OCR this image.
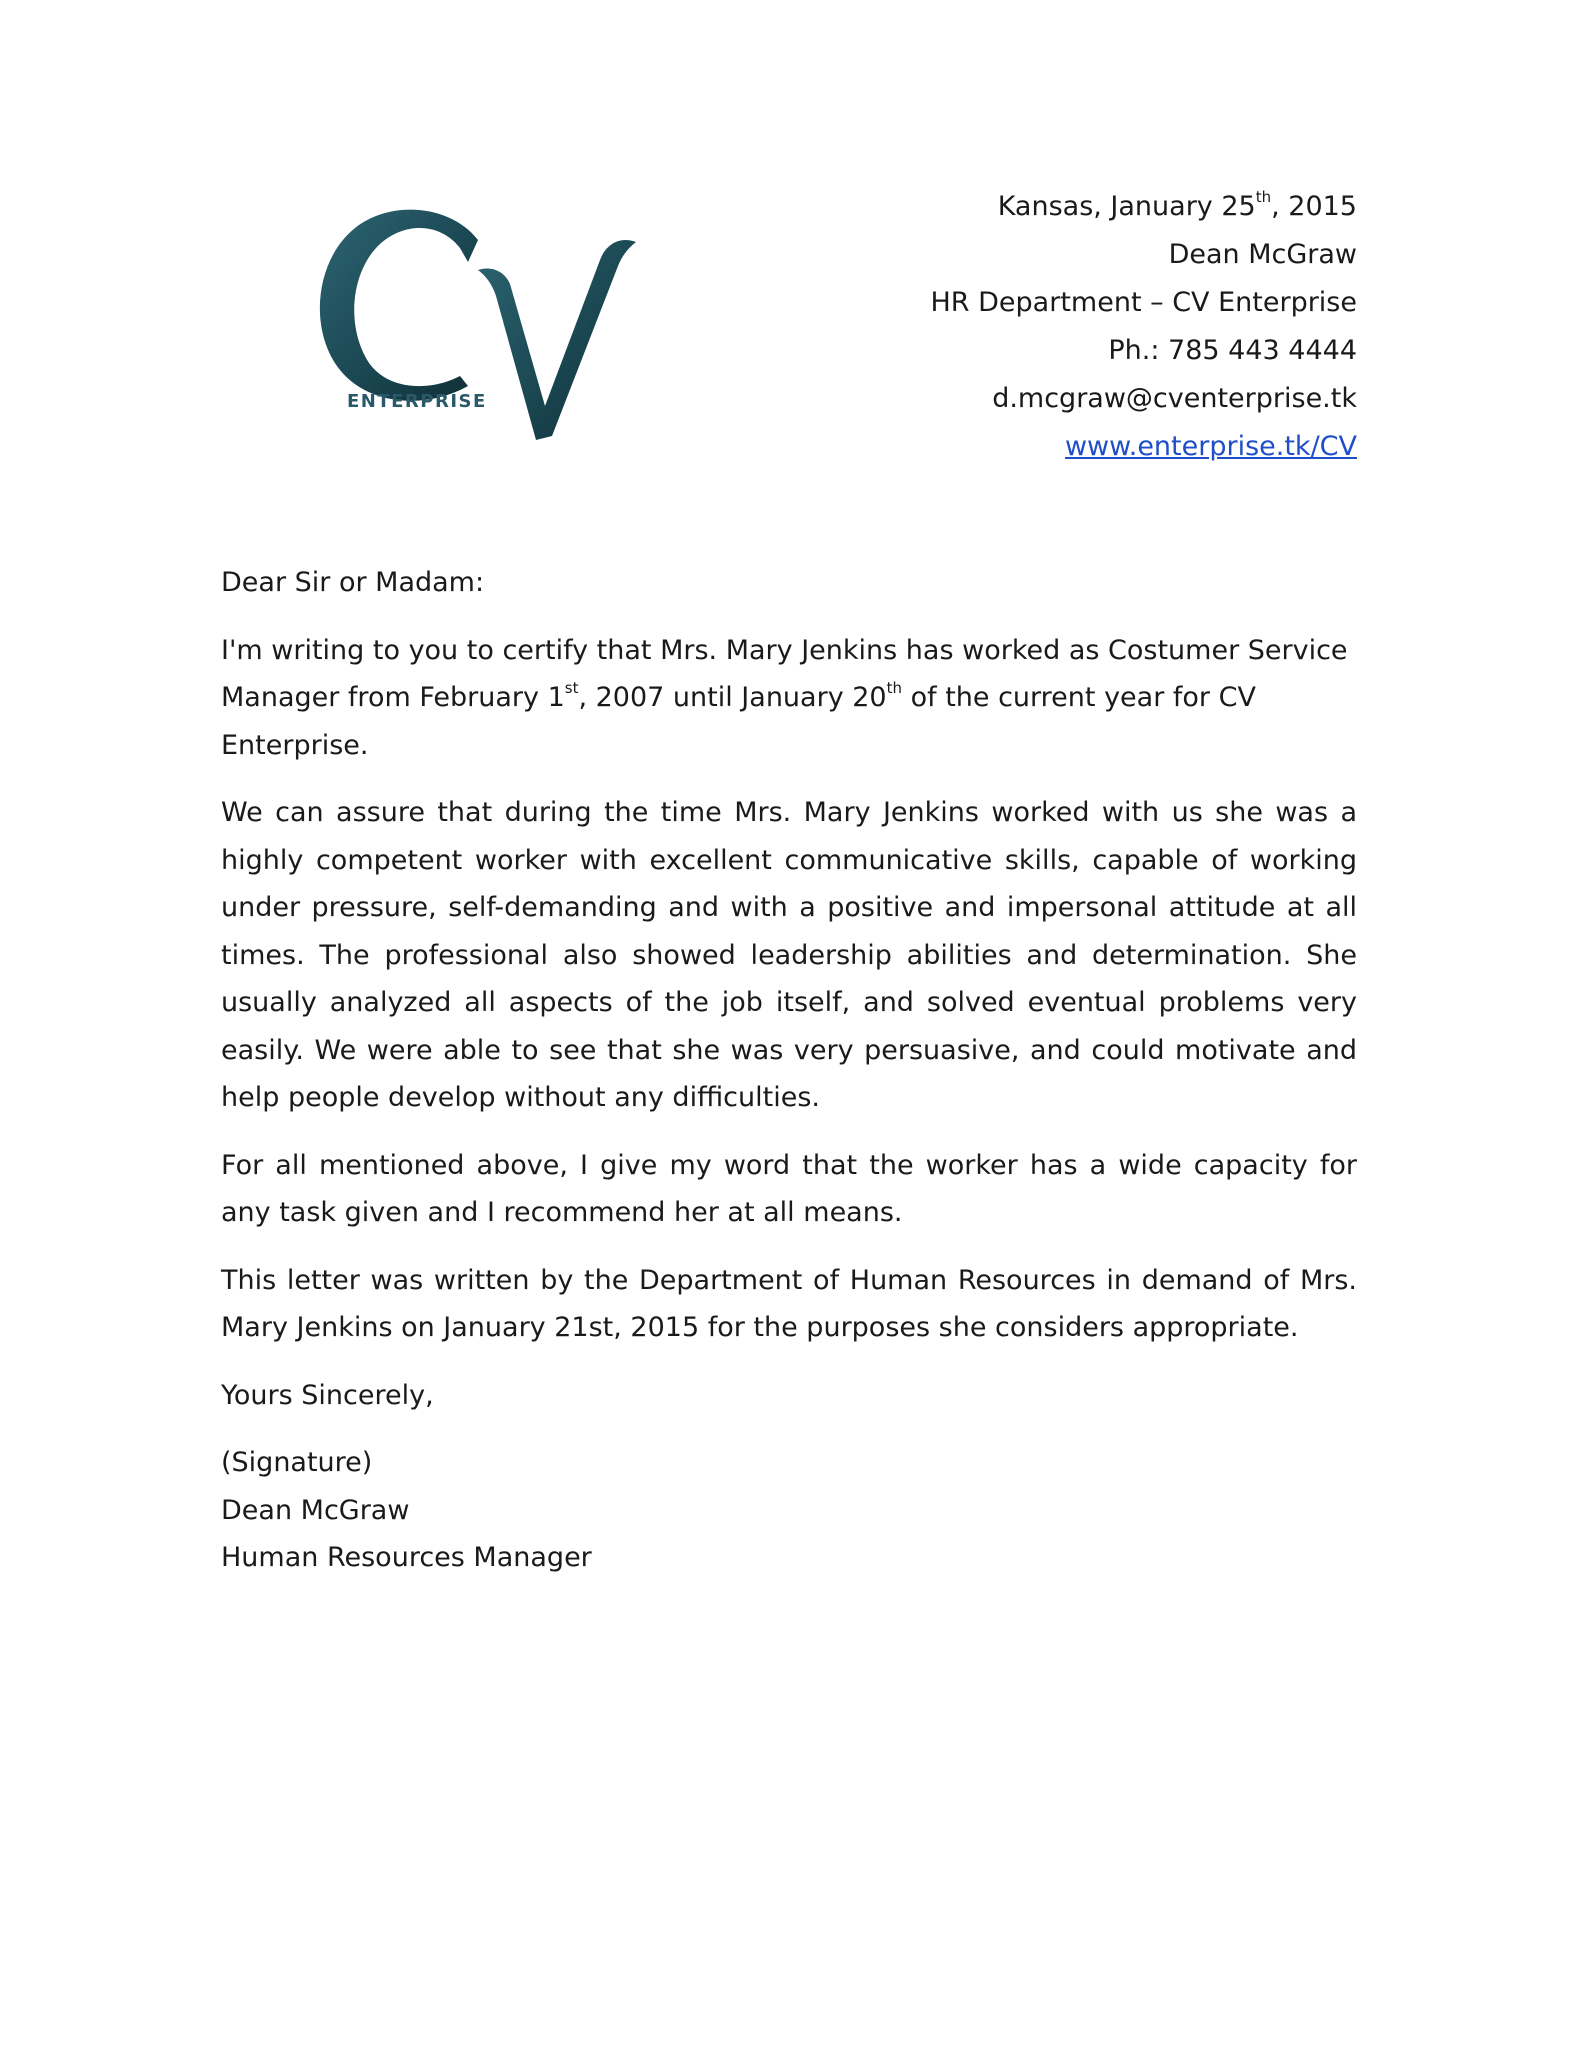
ENTERPRISE
Kansas, January 25th, 2015
Dean McGraw
HR Department – CV Enterprise
Ph.: 785 443 4444
d.mcgraw@cventerprise.tk
www.enterprise.tk/CV

Dear Sir or Madam:

I'm writing to you to certify that Mrs. Mary Jenkins has worked as Costumer Service Manager from February 1st, 2007 until January 20th of the current year for CV Enterprise.

We can assure that during the time Mrs. Mary Jenkins worked with us she was a highly competent worker with excellent communicative skills, capable of working under pressure, self-demanding and with a positive and impersonal attitude at all times. The professional also showed leadership abilities and determination. She usually analyzed all aspects of the job itself, and solved eventual problems very easily. We were able to see that she was very persuasive, and could motivate and help people develop without any difficulties.

For all mentioned above, I give my word that the worker has a wide capacity for any task given and I recommend her at all means.

This letter was written by the Department of Human Resources in demand of Mrs. Mary Jenkins on January 21st, 2015 for the purposes she considers appropriate.

Yours Sincerely,

(Signature)
Dean McGraw
Human Resources Manager
